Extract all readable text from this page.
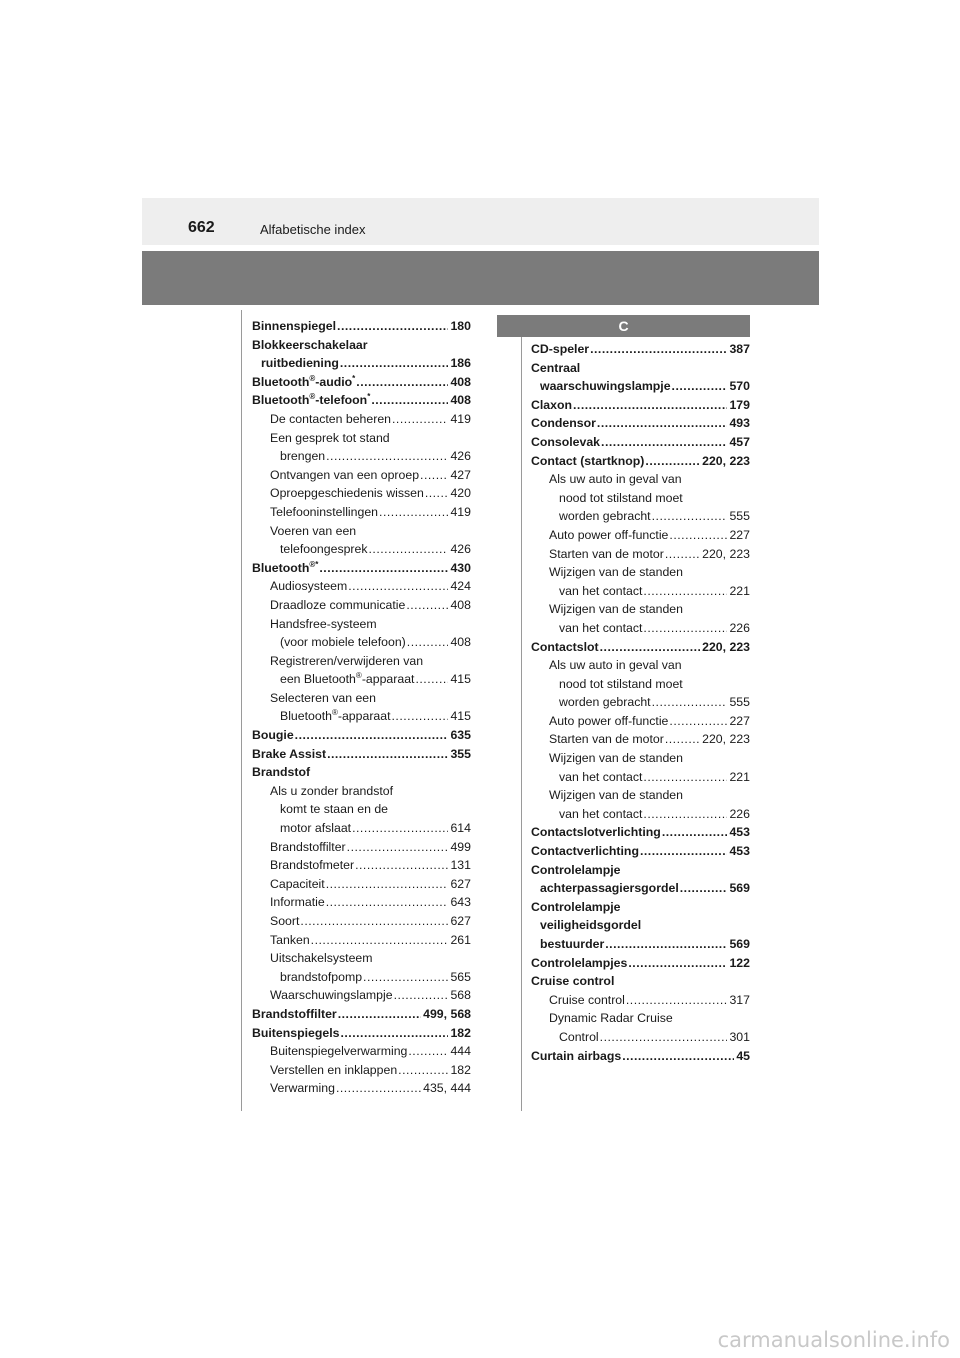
662	Alfabetische index
C
Binnenspiegel	180
.....
Blokkeerschakelaar
ruitbediening	186
.....
Bluetooth®-audio*	408
.....
Bluetooth®-telefoon*	408
.....
De contacten beheren	419
.....
Een gesprek tot stand
brengen	426
.....
Ontvangen van een oproep	427
.....
Oproepgeschiedenis wissen 420
.....
Telefooninstellingen	419
.....
Voeren van een
telefoongesprek	426
.....
Bluetooth®*	430
.....
Audiosysteem	424
.....
Draadloze communicatie	408
.....
Handsfree-systeem
(voor mobiele telefoon)	408
.....
Registreren/verwijderen van
een Bluetooth®-apparaat	415
.....
Selecteren van een
Bluetooth®-apparaat	415
.....
Bougie	635
.....
Brake Assist	355
.....
Brandstof
Als u zonder brandstof
komt te staan en de
motor afslaat	614
.....
Brandstoffilter	499
.....
Brandstofmeter	131
.....
Capaciteit	627
.....
Informatie	643
.....
Soort	627
.....
Tanken	261
.....
Uitschakelsysteem
brandstofpomp	565
.....
Waarschuwingslampje	568
.....
Brandstoffilter	499, 568
.....
Buitenspiegels	182
.....
Buitenspiegelverwarming	444
.....
Verstellen en inklappen	182
.....
Verwarming	435, 444
.....
CD-speler	387
.....
Centraal
waarschuwingslampje	570
.....
Claxon	179
.....
Condensor	493
.....
Consolevak	457
.....
Contact (startknop)	220, 223
.....
Als uw auto in geval van
nood tot stilstand moet
worden gebracht	555
.....
Auto power off-functie	227
.....
Starten van de motor	220, 223
.....
Wijzigen van de standen
van het contact	221
.....
Wijzigen van de standen
van het contact	226
.....
Contactslot	220, 223
.....
Als uw auto in geval van
nood tot stilstand moet
worden gebracht	555
.....
Auto power off-functie	227
.....
Starten van de motor	220, 223
.....
Wijzigen van de standen
van het contact	221
.....
Wijzigen van de standen
van het contact	226
.....
Contactslotverlichting	453
.....
Contactverlichting	453
.....
Controlelampje
achterpassagiersgordel	569
.....
Controlelampje
veiligheidsgordel
bestuurder	569
.....
Controlelampjes	122
.....
Cruise control
Cruise control	317
.....
Dynamic Radar Cruise
Control	301
.....
Curtain airbags	45
.....
carmanualsonline.info
